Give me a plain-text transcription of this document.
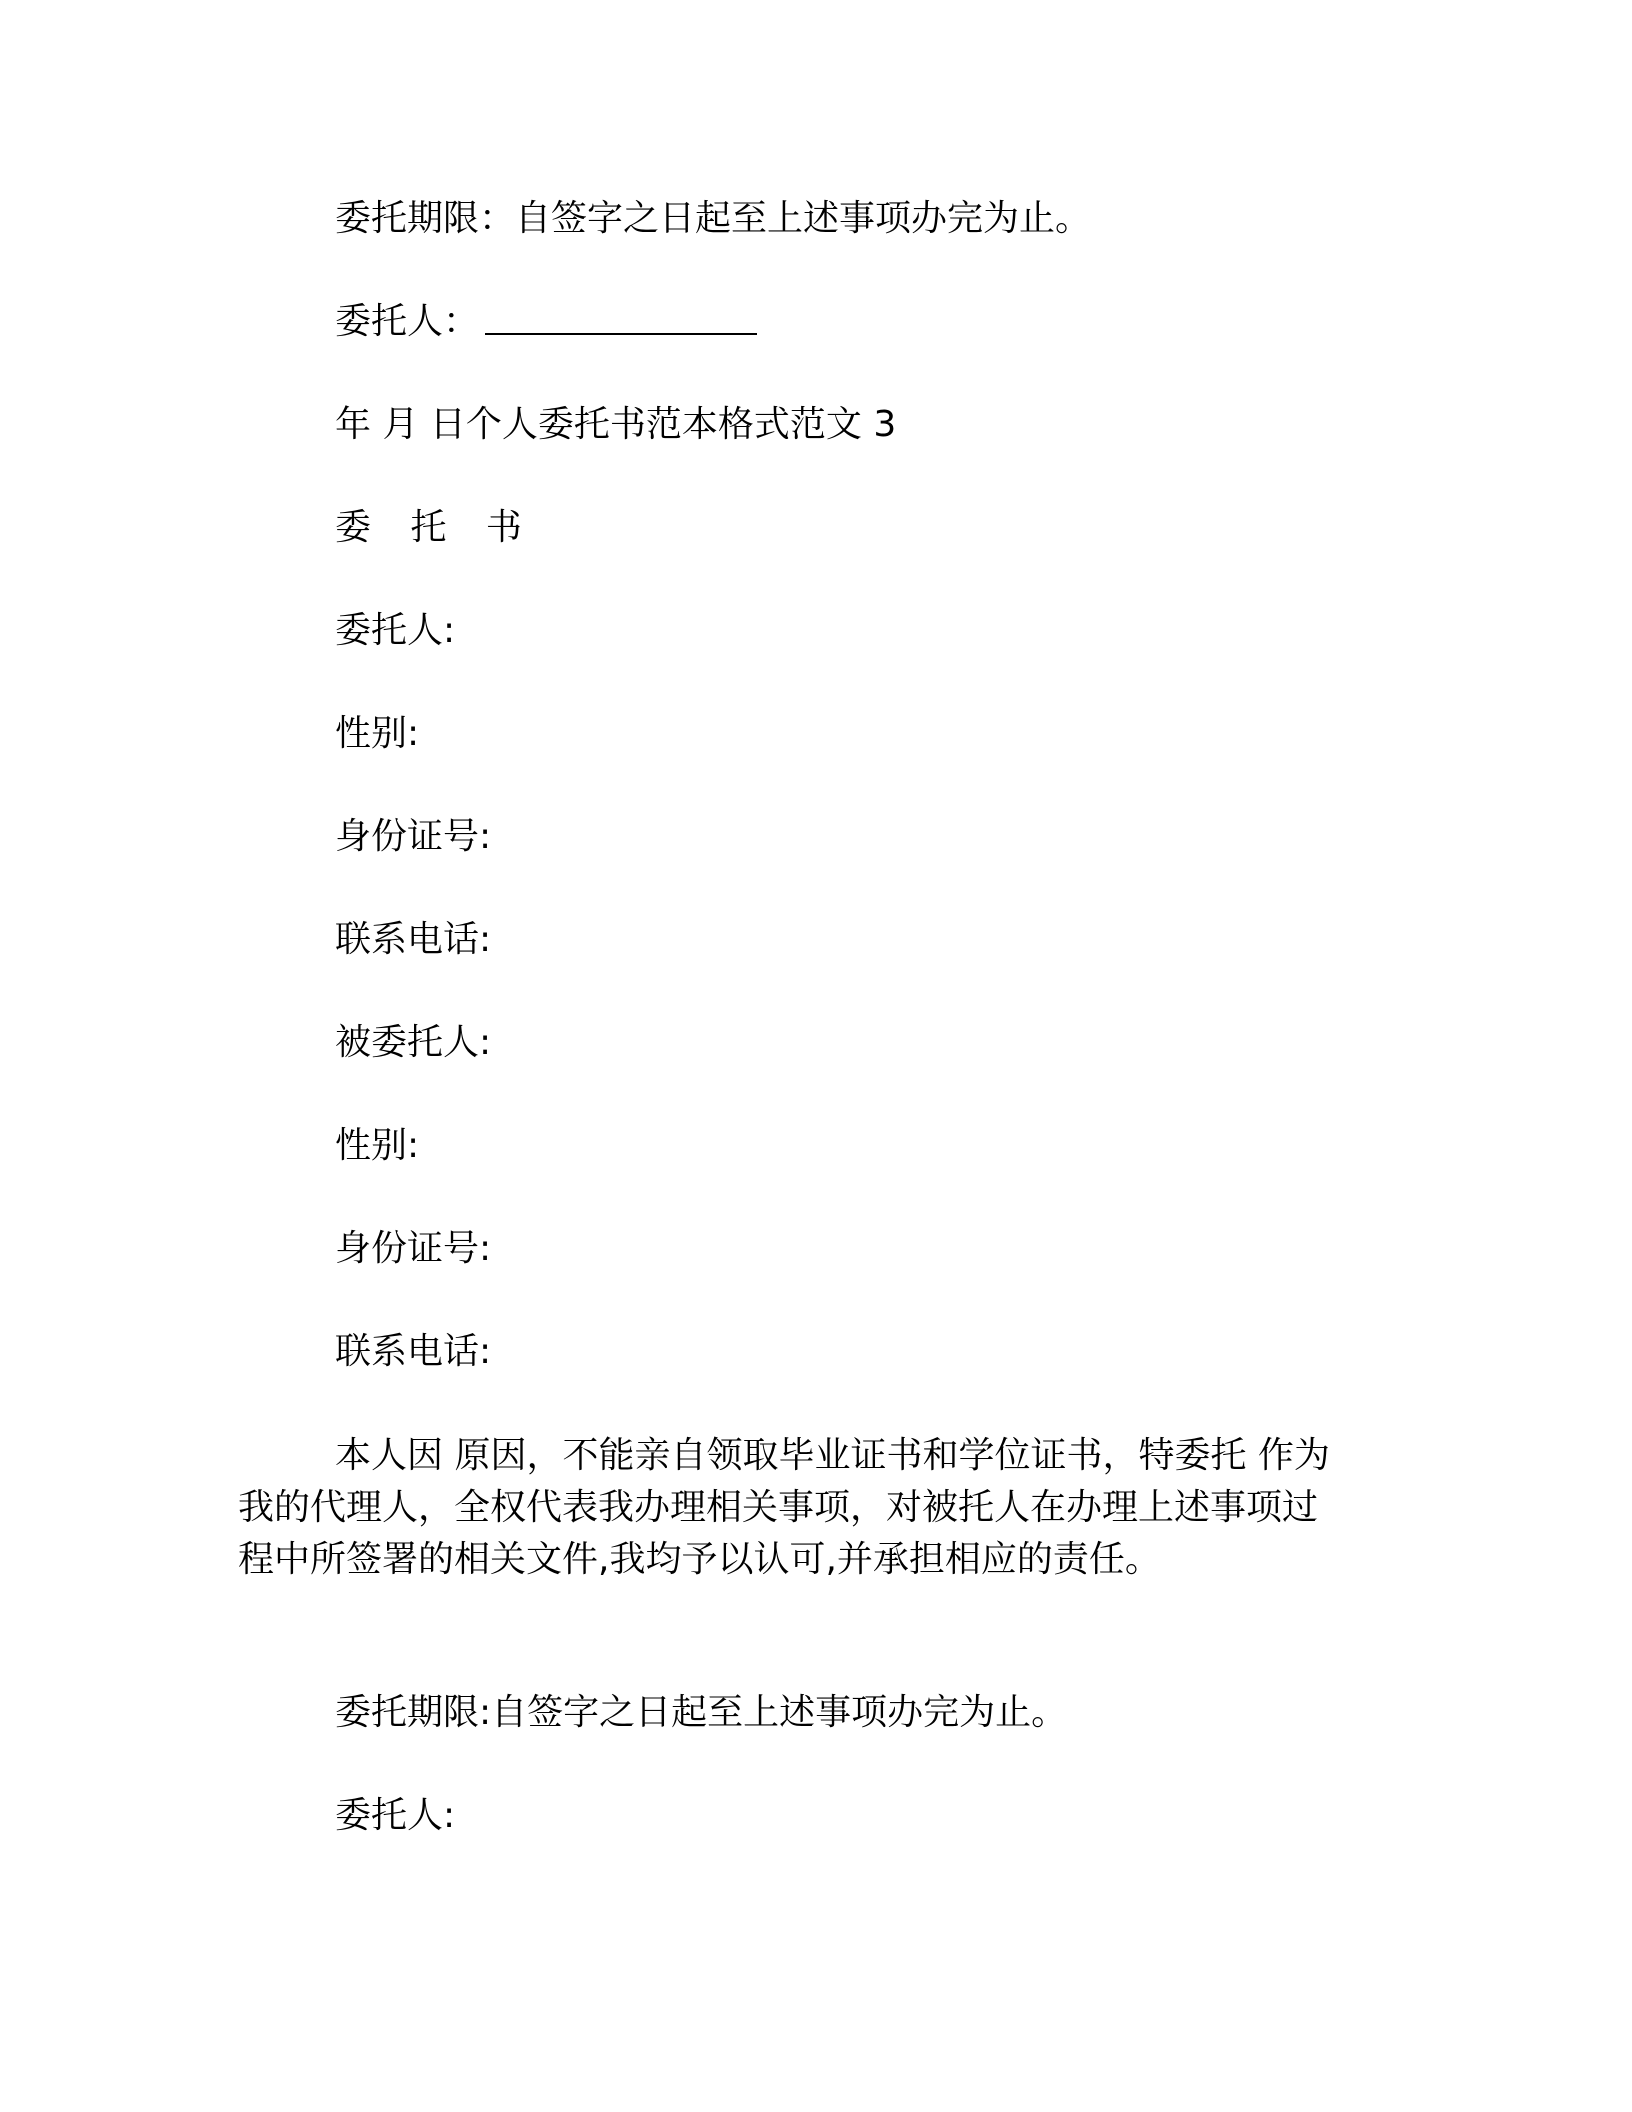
委托期限：自签字之日起至上述事项办完为止。

委托人：

年 月 日个人委托书范本格式范文 3

委 托 书

委托人:

性别:

身份证号:

联系电话:

被委托人:

性别:

身份证号:

联系电话:

本人因 原因，不能亲自领取毕业证书和学位证书，特委托 作为
我的代理人，全权代表我办理相关事项，对被托人在办理上述事项过
程中所签署的相关文件,我均予以认可,并承担相应的责任。

委托期限:自签字之日起至上述事项办完为止。

委托人:
